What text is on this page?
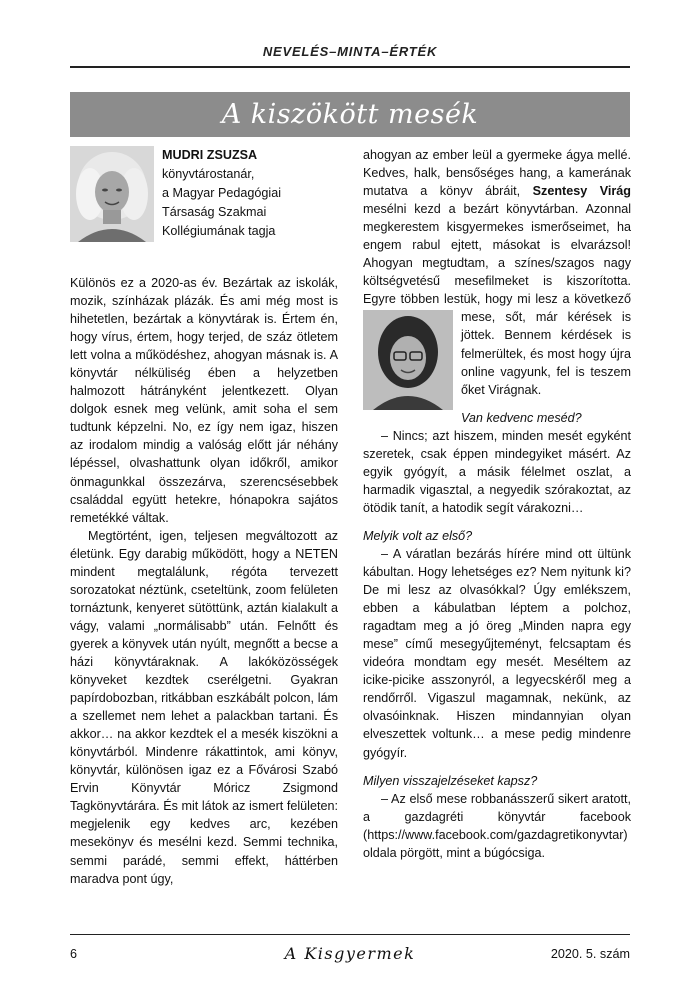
NEVELÉS–MINTA–ÉRTÉK
A kiszökött mesék
MUDRI ZSUZSA
könyvtárostanár,
a Magyar Pedagógiai
Társaság Szakmai
Kollégiumának tagja

Különös ez a 2020-as év. Bezártak az iskolák, mozik, színházak plázák. És ami még most is hihetetlen, bezártak a könyvtárak is. Értem én, hogy vírus, értem, hogy terjed, de száz ötletem lett volna a működéshez, ahogyan másnak is. A könyvtár nélküliség ében a helyzetben halmozott hátrányként jelentkezett. Olyan dolgok esnek meg velünk, amit soha el sem tudtunk képzelni. No, ez így nem igaz, hiszen az irodalom mindig a valóság előtt jár néhány lépéssel, olvashattunk olyan időkről, amikor önmagunkkal összezárva, szerencsésebbek családdal együtt hetekre, hónapokra sajátos remetékké váltak.

Megtörtént, igen, teljesen megváltozott az életünk. Egy darabig működött, hogy a NETEN mindent megtalálunk, régóta tervezett sorozatokat néztünk, cseteltünk, zoom felületen tornáztunk, kenyeret sütöttünk, aztán kialakult a vágy, valami „normálisabb” után. Felnőtt és gyerek a könyvek után nyúlt, megnőtt a becse a házi könyvtáraknak. A lakóközösségek könyveket kezdtek cserélgetni. Gyakran papírdobozban, ritkábban eszkábált polcon, lám a szellemet nem lehet a palackban tartani. És akkor… na akkor kezdtek el a mesék kiszökni a könyvtárból. Mindenre rákattintok, ami könyv, könyvtár, különösen igaz ez a Fővárosi Szabó Ervin Könyvtár Móricz Zsigmond Tagkönyvtárára. És mit látok az ismert felületen: megjelenik egy kedves arc, kezében mesekönyv és mesélni kezd. Semmi technika, semmi parádé, semmi effekt, háttérben maradva pont úgy,

ahogyan az ember leül a gyermeke ágya mellé. Kedves, halk, bensőséges hang, a kamerának mutatva a könyv ábráit, Szentesy Virág mesélni kezd a bezárt könyvtárban. Azonnal megkerestem kisgyermekes ismerőseimet, ha engem rabul ejtett, másokat is elvarázsol! Ahogyan megtudtam, a színes/szagos nagy költségvetésű mesefilmeket is kiszorította. Egyre többen lestük, hogy mi lesz a következő mese, sőt, már
kérések is jöttek. Bennem kérdések is felmerültek, és most hogy újra online vagyunk, fel is teszem őket Virágnak.

Van kedvenc meséd?

– Nincs; azt hiszem, minden mesét egyként szeretek, csak éppen mindegyiket másért. Az egyik gyógyít, a másik félelmet oszlat, a harmadik vigasztal, a negyedik szórakoztat, az ötödik tanít, a hatodik segít várakozni…

Melyik volt az első?

– A váratlan bezárás hírére mind ott ültünk kábultan. Hogy lehetséges ez? Nem nyitunk ki? De mi lesz az olvasókkal? Úgy emlékszem, ebben a kábulatban léptem a polchoz, ragadtam meg a jó öreg „Minden napra egy mese” című mesegyűjteményt, felcsaptam és videóra mondtam egy mesét. Meséltem az icike-picike asszonyról, a legyecskéről meg a rendőrről. Vigaszul magamnak, nekünk, az olvasóinknak. Hiszen mindannyian olyan elveszettek voltunk… a mese pedig mindenre gyógyír.

Milyen visszajelzéseket kapsz?

– Az első mese robbanásszerű sikert aratott, a gazdagréti könyvtár facebook (https://www.facebook.com/gazdagretikonyvtar) oldala pörgött, mint a búgócsiga.

6	A Kisgyermek	2020. 5. szám
